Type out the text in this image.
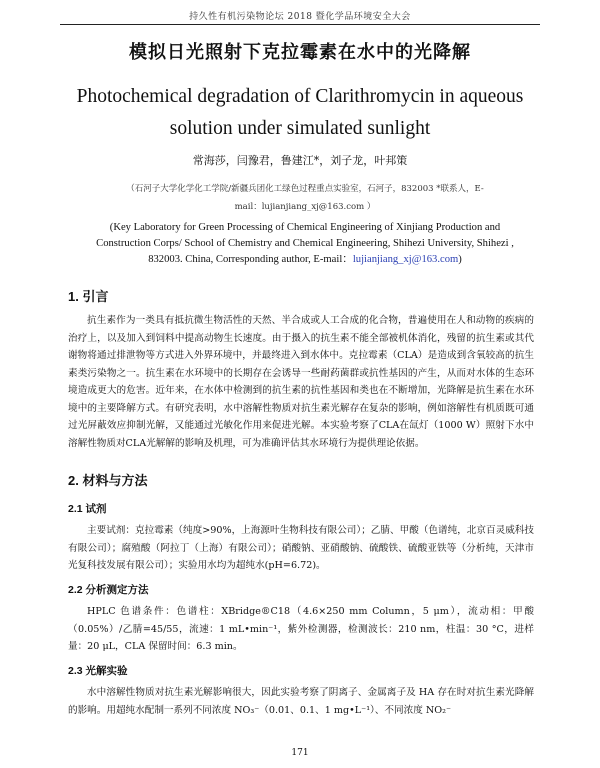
持久性有机污染物论坛 2018 暨化学品环境安全大会
模拟日光照射下克拉霉素在水中的光降解
Photochemical degradation of Clarithromycin in aqueous
solution under simulated sunlight
常海莎，闫豫君，鲁建江*，刘子龙，叶邦策
（石河子大学化学化工学院/新疆兵团化工绿色过程重点实验室，石河子，832003 *联系人，E-
mail：lujianjiang_xj@163.com ）
(Key Laboratory for Green Processing of Chemical Engineering of Xinjiang Production and
Construction Corps/ School of Chemistry and Chemical Engineering, Shihezi University, Shihezi ,
832003. China, Corresponding author, E-mail：lujianjiang_xj@163.com)
1. 引言
抗生素作为一类具有抵抗微生物活性的天然、半合成或人工合成的化合物，普遍使用在人和动物的疾病的治疗上，以及加入到饲料中提高动物生长速度。由于摄入的抗生素不能全部被机体消化，残留的抗生素或其代谢物将通过排泄物等方式进入外界环境中，并最终进入到水体中。克拉霉素（CLA）是造成到含氧较高的抗生素类污染物之一。抗生素在水环境中的长期存在会诱导一些耐药菌群或抗性基因的产生，从而对水体的生态环境造成更大的危害。近年来，在水体中检测到的抗生素的抗性基因和类也在不断增加，光降解是抗生素在水环境中的主要降解方式。有研究表明，水中溶解性物质对抗生素光解存在复杂的影响，例如溶解性有机质既可通过光屏蔽效应抑制光解，又能通过光敏化作用来促进光解。本实验考察了CLA在氙灯（1000 W）照射下水中溶解性物质对CLA光解解的影响及机理，可为准确评估其水环境行为提供理论依据。
2. 材料与方法
2.1 试剂
主要试剂：克拉霉素（纯度>90%，上海源叶生物科技有限公司）；乙腈、甲酸（色谱纯，北京百灵威科技有限公司）；腐殖酸（阿拉丁（上海）有限公司）；硝酸钠、亚硝酸钠、硫酸铁、硫酸亚铁等（分析纯，天津市光复科技发展有限公司）；实验用水均为超纯水(pH=6.72)。
2.2 分析测定方法
HPLC 色谱条件：色谱柱：XBridge®C18（4.6×250 mm Column，5 μm），流动相：甲酸（0.05%）/乙腈=45/55，流速：1 mL•min⁻¹，紫外检测器，检测波长：210 nm，柱温：30 °C，进样量：20 μL，CLA 保留时间：6.3 min。
2.3 光解实验
水中溶解性物质对抗生素光解影响很大，因此实验考察了阴离子、金属离子及 HA 存在时对抗生素光降解的影响。用超纯水配制一系列不同浓度 NO₃⁻（0.01、0.1、1 mg•L⁻¹）、不同浓度 NO₂⁻
171
